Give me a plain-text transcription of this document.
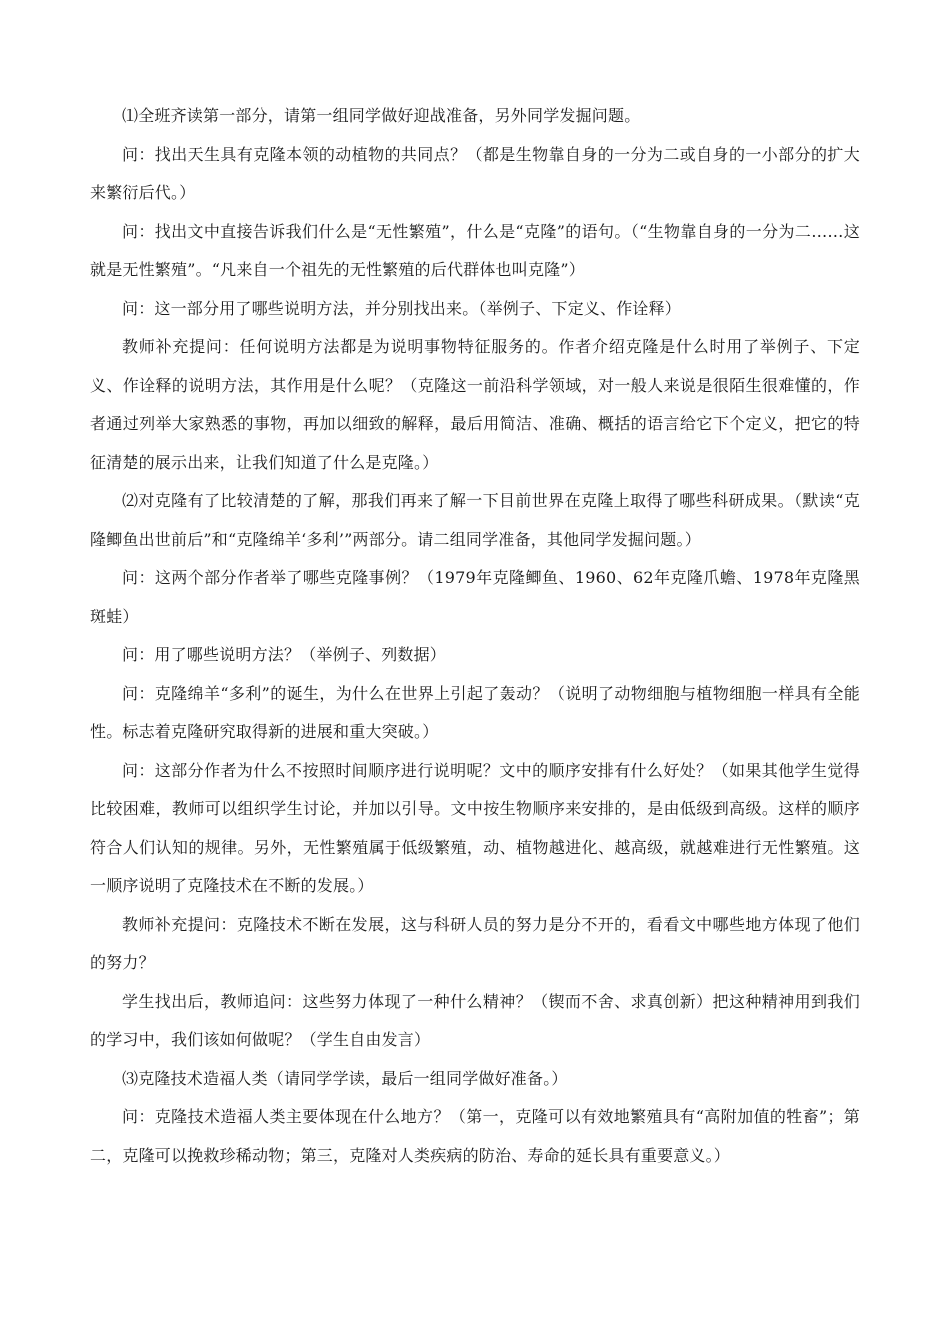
⑴全班齐读第一部分，请第一组同学做好迎战准备，另外同学发掘问题。

问：找出天生具有克隆本领的动植物的共同点？（都是生物靠自身的一分为二或自身的一小部分的扩大来繁衍后代。）

问：找出文中直接告诉我们什么是“无性繁殖”，什么是“克隆”的语句。（“生物靠自身的一分为二……这就是无性繁殖”。“凡来自一个祖先的无性繁殖的后代群体也叫克隆”）

问：这一部分用了哪些说明方法，并分别找出来。（举例子、下定义、作诠释）

教师补充提问：任何说明方法都是为说明事物特征服务的。作者介绍克隆是什么时用了举例子、下定义、作诠释的说明方法，其作用是什么呢？（克隆这一前沿科学领域，对一般人来说是很陌生很难懂的，作者通过列举大家熟悉的事物，再加以细致的解释，最后用简洁、准确、概括的语言给它下个定义，把它的特征清楚的展示出来，让我们知道了什么是克隆。）

⑵对克隆有了比较清楚的了解，那我们再来了解一下目前世界在克隆上取得了哪些科研成果。（默读“克隆鲫鱼出世前后”和“克隆绵羊‘多利’”两部分。请二组同学准备，其他同学发掘问题。）

问：这两个部分作者举了哪些克隆事例？（1979年克隆鲫鱼、1960、62年克隆爪蟾、1978年克隆黑斑蛙）

问：用了哪些说明方法？（举例子、列数据）

问：克隆绵羊“多利”的诞生，为什么在世界上引起了轰动？（说明了动物细胞与植物细胞一样具有全能性。标志着克隆研究取得新的进展和重大突破。）

问：这部分作者为什么不按照时间顺序进行说明呢？文中的顺序安排有什么好处？（如果其他学生觉得比较困难，教师可以组织学生讨论，并加以引导。文中按生物顺序来安排的，是由低级到高级。这样的顺序符合人们认知的规律。另外，无性繁殖属于低级繁殖，动、植物越进化、越高级，就越难进行无性繁殖。这一顺序说明了克隆技术在不断的发展。）

教师补充提问：克隆技术不断在发展，这与科研人员的努力是分不开的，看看文中哪些地方体现了他们的努力？

学生找出后，教师追问：这些努力体现了一种什么精神？（锲而不舍、求真创新）把这种精神用到我们的学习中，我们该如何做呢？（学生自由发言）

⑶克隆技术造福人类（请同学学读，最后一组同学做好准备。）

问：克隆技术造福人类主要体现在什么地方？（第一，克隆可以有效地繁殖具有“高附加值的牲畜”；第二，克隆可以挽救珍稀动物；第三，克隆对人类疾病的防治、寿命的延长具有重要意义。）
